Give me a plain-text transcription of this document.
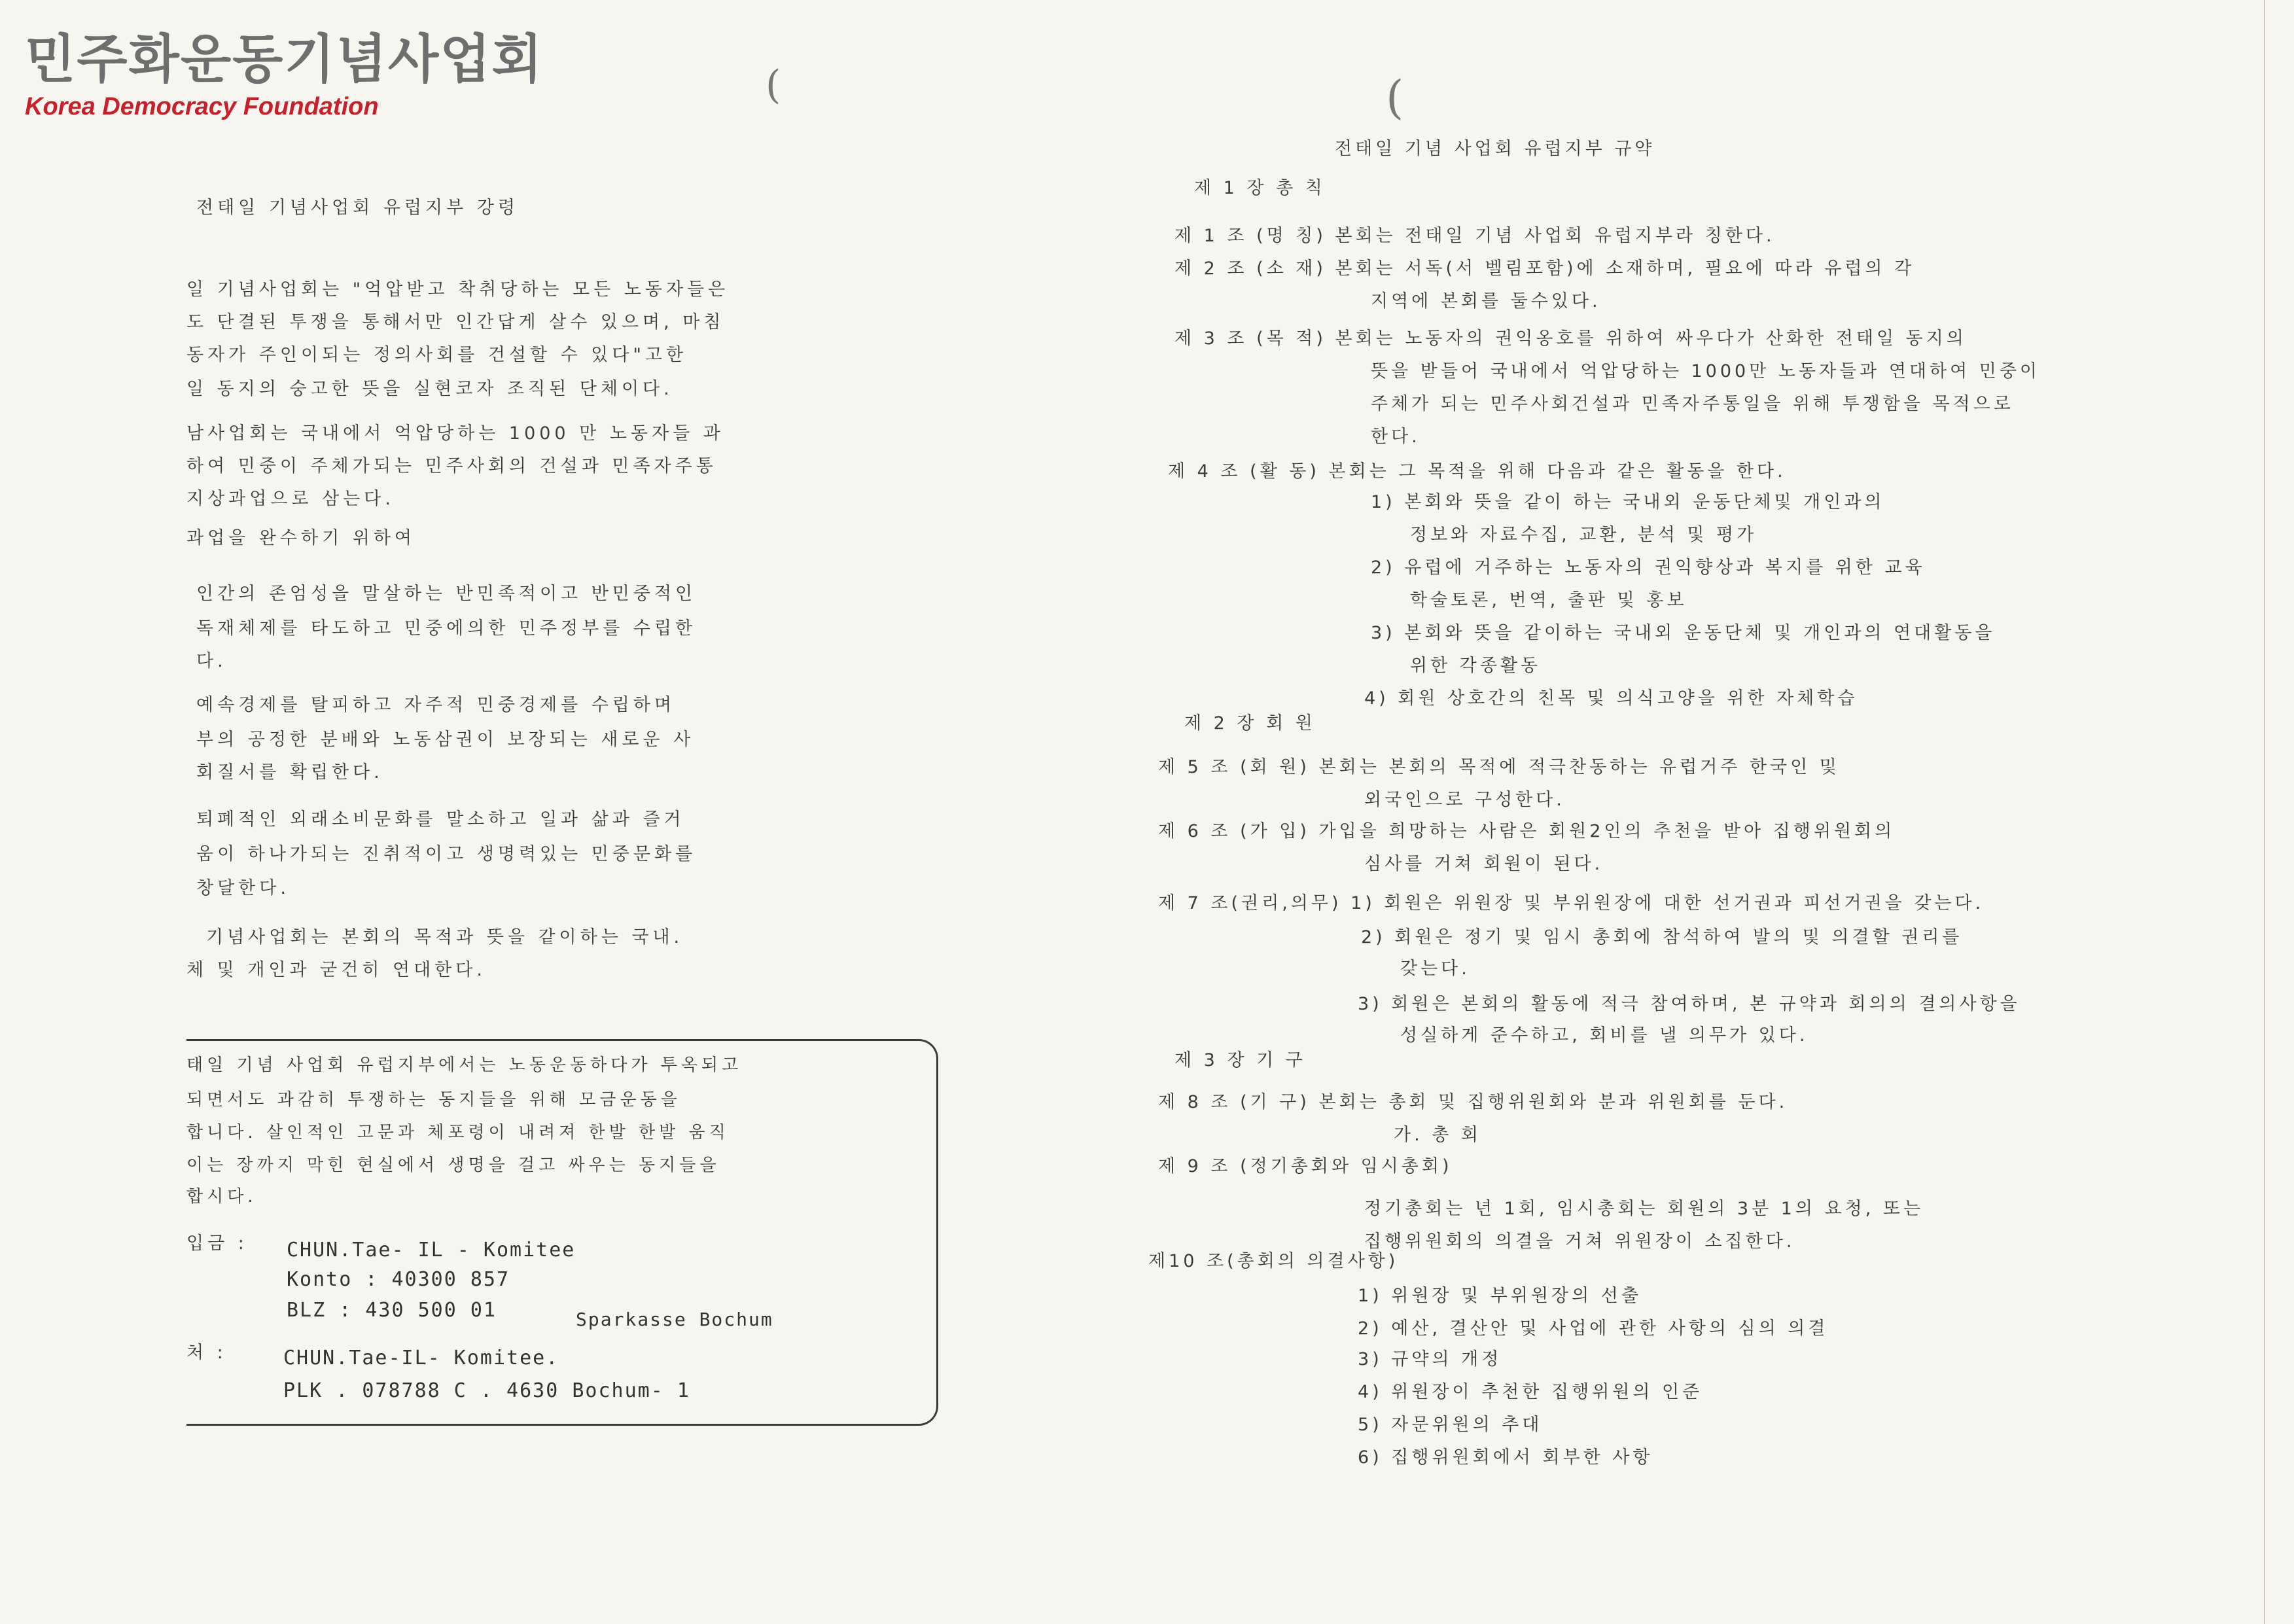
민주화운동기념사업회
Korea Democracy Foundation	(	(
전태일 기념사업회 유럽지부 강령
일 기념사업회는 "억압받고 착취당하는 모든 노동자들은
도 단결된 투쟁을 통해서만 인간답게 살수 있으며, 마침
동자가 주인이되는 정의사회를 건설할 수 있다"고한
일 동지의 숭고한 뜻을 실현코자 조직된 단체이다.
남사업회는 국내에서 억압당하는 1000 만 노동자들 과
하여 민중이 주체가되는 민주사회의 건설과 민족자주통
지상과업으로 삼는다.
과업을 완수하기 위하여
인간의 존엄성을 말살하는 반민족적이고 반민중적인
독재체제를 타도하고 민중에의한 민주정부를 수립한
다.
예속경제를 탈피하고 자주적 민중경제를 수립하며
부의 공정한 분배와 노동삼권이 보장되는 새로운 사
회질서를 확립한다.
퇴폐적인 외래소비문화를 말소하고 일과 삶과 즐거
움이 하나가되는 진취적이고 생명력있는 민중문화를
창달한다.
기념사업회는 본회의 목적과 뜻을 같이하는 국내.
체 및 개인과 굳건히 연대한다.
태일 기념 사업회 유럽지부에서는 노동운동하다가 투옥되고
되면서도 과감히 투쟁하는 동지들을 위해 모금운동을
합니다. 살인적인 고문과 체포령이 내려져 한발 한발 움직
이는 장까지 막힌 현실에서 생명을 걸고 싸우는 동지들을
합시다.
입금 : CHUN.Tae- IL - Komitee
Konto : 40300 857
BLZ : 430 500 01	Sparkasse Bochum
처 :	CHUN.Tae-IL- Komitee.
PLK . 078788 C . 4630 Bochum- 1
전태일 기념 사업회 유럽지부 규약
제 1 장 총 칙
제 1 조 (명 칭) 본회는 전태일 기념 사업회 유럽지부라 칭한다.
제 2 조 (소 재) 본회는 서독(서 벨림포함)에 소재하며, 필요에 따라 유럽의 각
지역에 본회를 둘수있다.
제 3 조 (목 적) 본회는 노동자의 권익옹호를 위하여 싸우다가 산화한 전태일 동지의
뜻을 받들어 국내에서 억압당하는 1000만 노동자들과 연대하여 민중이
주체가 되는 민주사회건설과 민족자주통일을 위해 투쟁함을 목적으로
한다.
제 4 조 (활 동) 본회는 그 목적을 위해 다음과 같은 활동을 한다.
1) 본회와 뜻을 같이 하는 국내외 운동단체및 개인과의
정보와 자료수집, 교환, 분석 및 평가
2) 유럽에 거주하는 노동자의 권익향상과 복지를 위한 교육
학술토론, 번역, 출판 및 홍보
3) 본회와 뜻을 같이하는 국내외 운동단체 및 개인과의 연대활동을
위한 각종활동
4) 회원 상호간의 친목 및 의식고양을 위한 자체학습
제 2 장 회 원
제 5 조 (회 원) 본회는 본회의 목적에 적극찬동하는 유럽거주 한국인 및
외국인으로 구성한다.
제 6 조 (가 입) 가입을 희망하는 사람은 회원2인의 추천을 받아 집행위원회의
심사를 거쳐 회원이 된다.
제 7 조(권리,의무) 1) 회원은 위원장 및 부위원장에 대한 선거권과 피선거권을 갖는다.
2) 회원은 정기 및 임시 총회에 참석하여 발의 및 의결할 권리를
갖는다.
3) 회원은 본회의 활동에 적극 참여하며, 본 규약과 회의의 결의사항을
성실하게 준수하고, 회비를 낼 의무가 있다.
제 3 장 기 구
제 8 조 (기 구) 본회는 총회 및 집행위원회와 분과 위원회를 둔다.
가. 총 회
제 9 조 (정기총회와 임시총회)
정기총회는 년 1회, 임시총회는 회원의 3분 1의 요청, 또는
집행위원회의 의결을 거쳐 위원장이 소집한다.
제10 조(총회의 의결사항)
1) 위원장 및 부위원장의 선출
2) 예산, 결산안 및 사업에 관한 사항의 심의 의결
3) 규약의 개정
4) 위원장이 추천한 집행위원의 인준
5) 자문위원의 추대
6) 집행위원회에서 회부한 사항
